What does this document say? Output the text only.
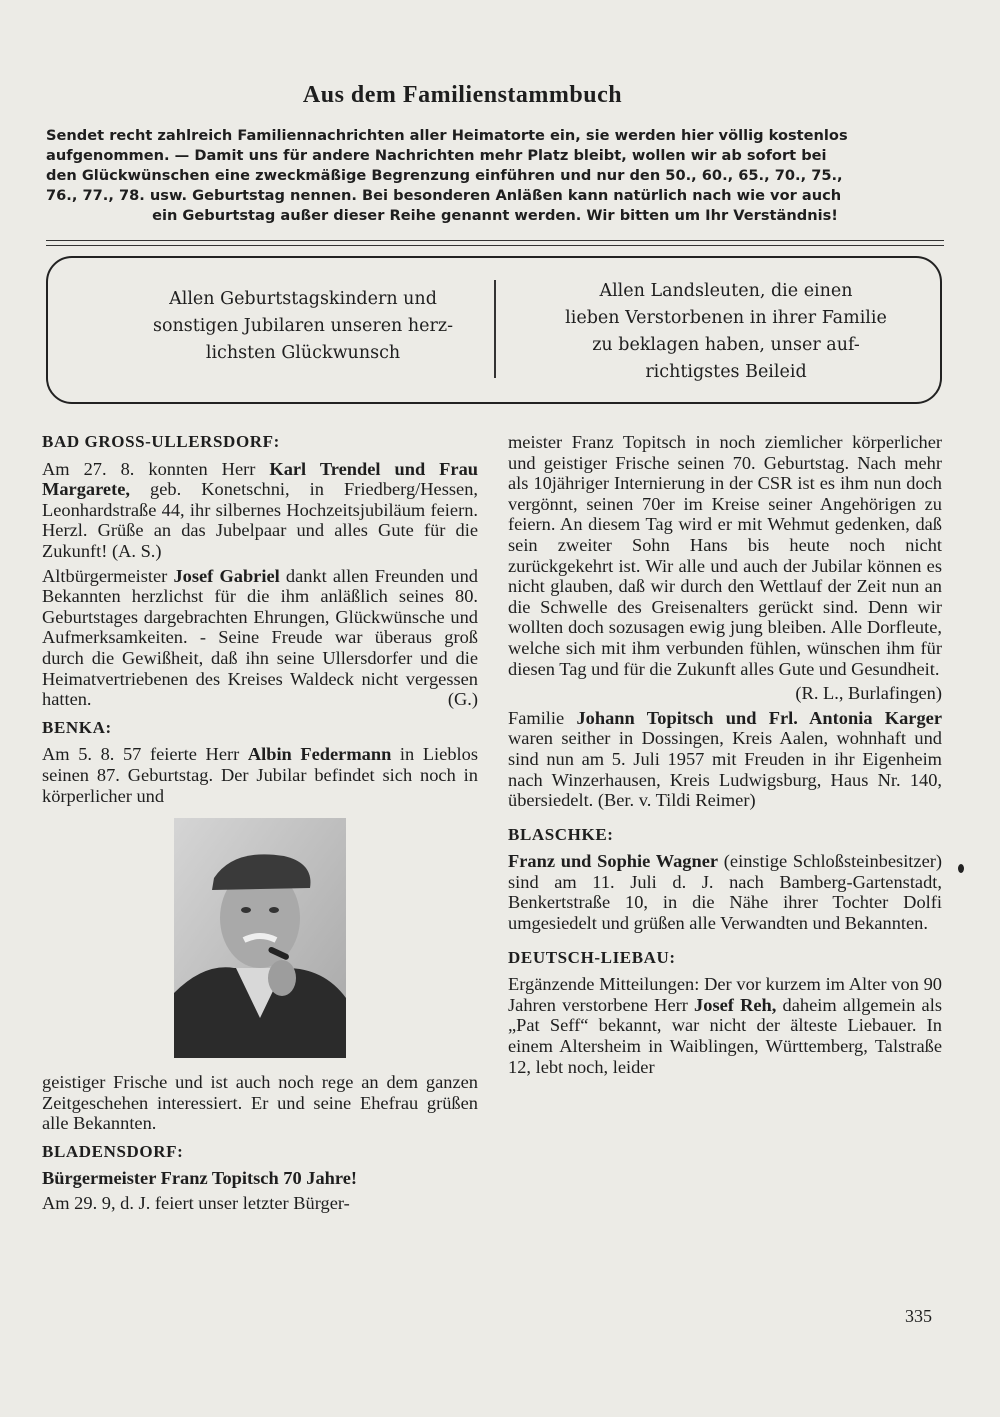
Aus dem Familienstammbuch
Sendet recht zahlreich Familiennachrichten aller Heimatorte ein, sie werden hier völlig kostenlos
aufgenommen. — Damit uns für andere Nachrichten mehr Platz bleibt, wollen wir ab sofort bei
den Glückwünschen eine zweckmäßige Begrenzung einführen und nur den 50., 60., 65., 70., 75.,
76., 77., 78. usw. Geburtstag nennen. Bei besonderen Anläßen kann natürlich nach wie vor auch
ein Geburtstag außer dieser Reihe genannt werden. Wir bitten um Ihr Verständnis!
Allen Geburtstagskindern und
sonstigen Jubilaren unseren herz-
lichsten Glückwunsch
Allen Landsleuten, die einen
lieben Verstorbenen in ihrer Familie
zu beklagen haben, unser auf-
richtigstes Beileid
BAD GROSS-ULLERSDORF:

Am 27. 8. konnten Herr Karl Trendel und Frau Margarete, geb. Konetschni, in Friedberg/Hessen, Leonhardstraße 44, ihr silbernes Hochzeitsjubiläum feiern. Herzl. Grüße an das Jubelpaar und alles Gute für die Zukunft! (A. S.)

Altbürgermeister Josef Gabriel dankt allen Freunden und Bekannten herzlichst für die ihm anläßlich seines 80. Geburtstages dargebrachten Ehrungen, Glückwünsche und Aufmerksamkeiten. - Seine Freude war überaus groß durch die Gewißheit, daß ihn seine Ullersdorfer und die Heimatvertriebenen des Kreises Waldeck nicht vergessen hatten.	(G.)

BENKA:

Am 5. 8. 57 feierte Herr Albin Federmann in Lieblos seinen 87. Geburtstag. Der Jubilar befindet sich noch in körperlicher und

geistiger Frische und ist auch noch rege an dem ganzen Zeitgeschehen interessiert. Er und seine Ehefrau grüßen alle Bekannten.

BLADENSDORF:

Bürgermeister Franz Topitsch 70 Jahre!

Am 29. 9, d. J. feiert unser letzter Bürger-

meister Franz Topitsch in noch ziemlicher körperlicher und geistiger Frische seinen 70. Geburtstag. Nach mehr als 10jähriger Internierung in der CSR ist es ihm nun doch vergönnt, seinen 70er im Kreise seiner Angehörigen zu feiern. An diesem Tag wird er mit Wehmut gedenken, daß sein zweiter Sohn Hans bis heute noch nicht zurückgekehrt ist. Wir alle und auch der Jubilar können es nicht glauben, daß wir durch den Wettlauf der Zeit nun an die Schwelle des Greisenalters gerückt sind. Denn wir wollten doch sozusagen ewig jung bleiben. Alle Dorfleute, welche sich mit ihm verbunden fühlen, wünschen ihm für diesen Tag und für die Zukunft alles Gute und Gesundheit.

(R. L., Burlafingen)

Familie Johann Topitsch und Frl. Antonia Karger waren seither in Dossingen, Kreis Aalen, wohnhaft und sind nun am 5. Juli 1957 mit Freuden in ihr Eigenheim nach Winzerhausen, Kreis Ludwigsburg, Haus Nr. 140, übersiedelt. (Ber. v. Tildi Reimer)

BLASCHKE:

Franz und Sophie Wagner (einstige Schloßsteinbesitzer) sind am 11. Juli d. J. nach Bamberg-Gartenstadt, Benkertstraße 10, in die Nähe ihrer Tochter Dolfi umgesiedelt und grüßen alle Verwandten und Bekannten.

DEUTSCH-LIEBAU:

Ergänzende Mitteilungen: Der vor kurzem im Alter von 90 Jahren verstorbene Herr Josef Reh, daheim allgemein als „Pat Seff“ bekannt, war nicht der älteste Liebauer. In einem Altersheim in Waiblingen, Württemberg, Talstraße 12, lebt noch, leider

335
